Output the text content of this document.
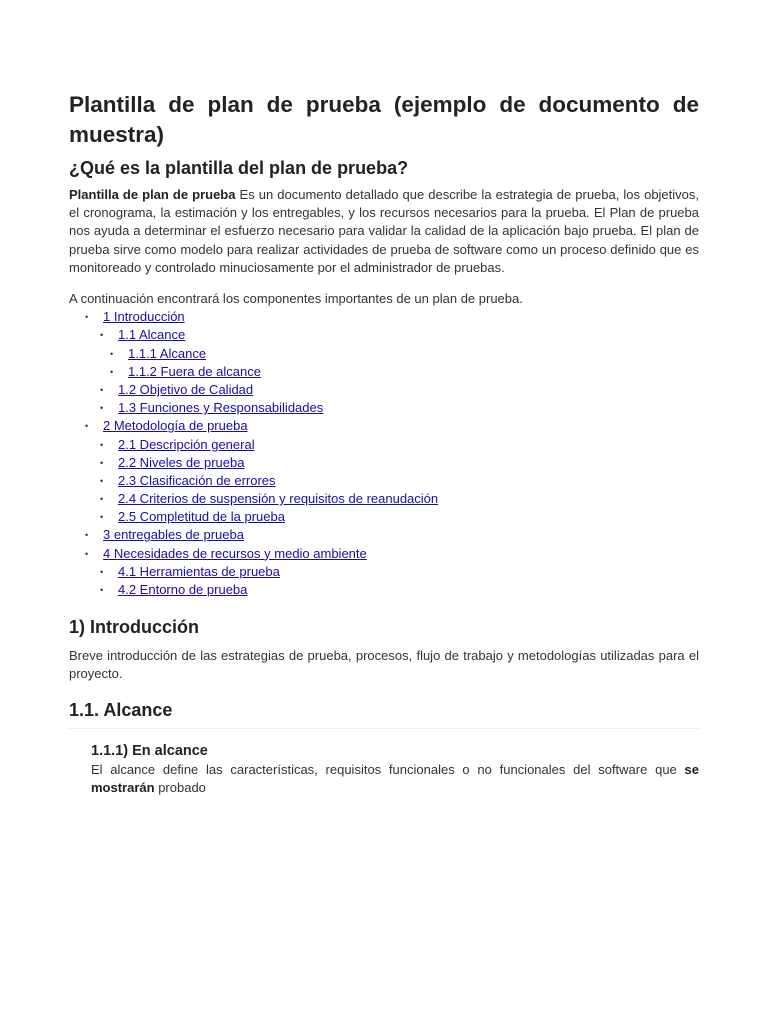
Plantilla de plan de prueba (ejemplo de documento de muestra)
¿Qué es la plantilla del plan de prueba?

Plantilla de plan de prueba Es un documento detallado que describe la estrategia de prueba, los objetivos, el cronograma, la estimación y los entregables, y los recursos necesarios para la prueba. El Plan de prueba nos ayuda a determinar el esfuerzo necesario para validar la calidad de la aplicación bajo prueba. El plan de prueba sirve como modelo para realizar actividades de prueba de software como un proceso definido que es monitoreado y controlado minuciosamente por el administrador de pruebas.

A continuación encontrará los componentes importantes de un plan de prueba.

• 1 Introducción
• 1.1 Alcance
• 1.1.1 Alcance
• 1.1.2 Fuera de alcance
• 1.2 Objetivo de Calidad
• 1.3 Funciones y Responsabilidades
• 2 Metodología de prueba
• 2.1 Descripción general
• 2.2 Niveles de prueba
• 2.3 Clasificación de errores
• 2.4 Criterios de suspensión y requisitos de reanudación
• 2.5 Completitud de la prueba
• 3 entregables de prueba
• 4 Necesidades de recursos y medio ambiente
• 4.1 Herramientas de prueba
• 4.2 Entorno de prueba
1) Introducción

Breve introducción de las estrategias de prueba, procesos, flujo de trabajo y metodologías utilizadas para el proyecto.

1.1. Alcance
1.1.1) En alcance

El alcance define las características, requisitos funcionales o no funcionales del software que se mostrarán probado
